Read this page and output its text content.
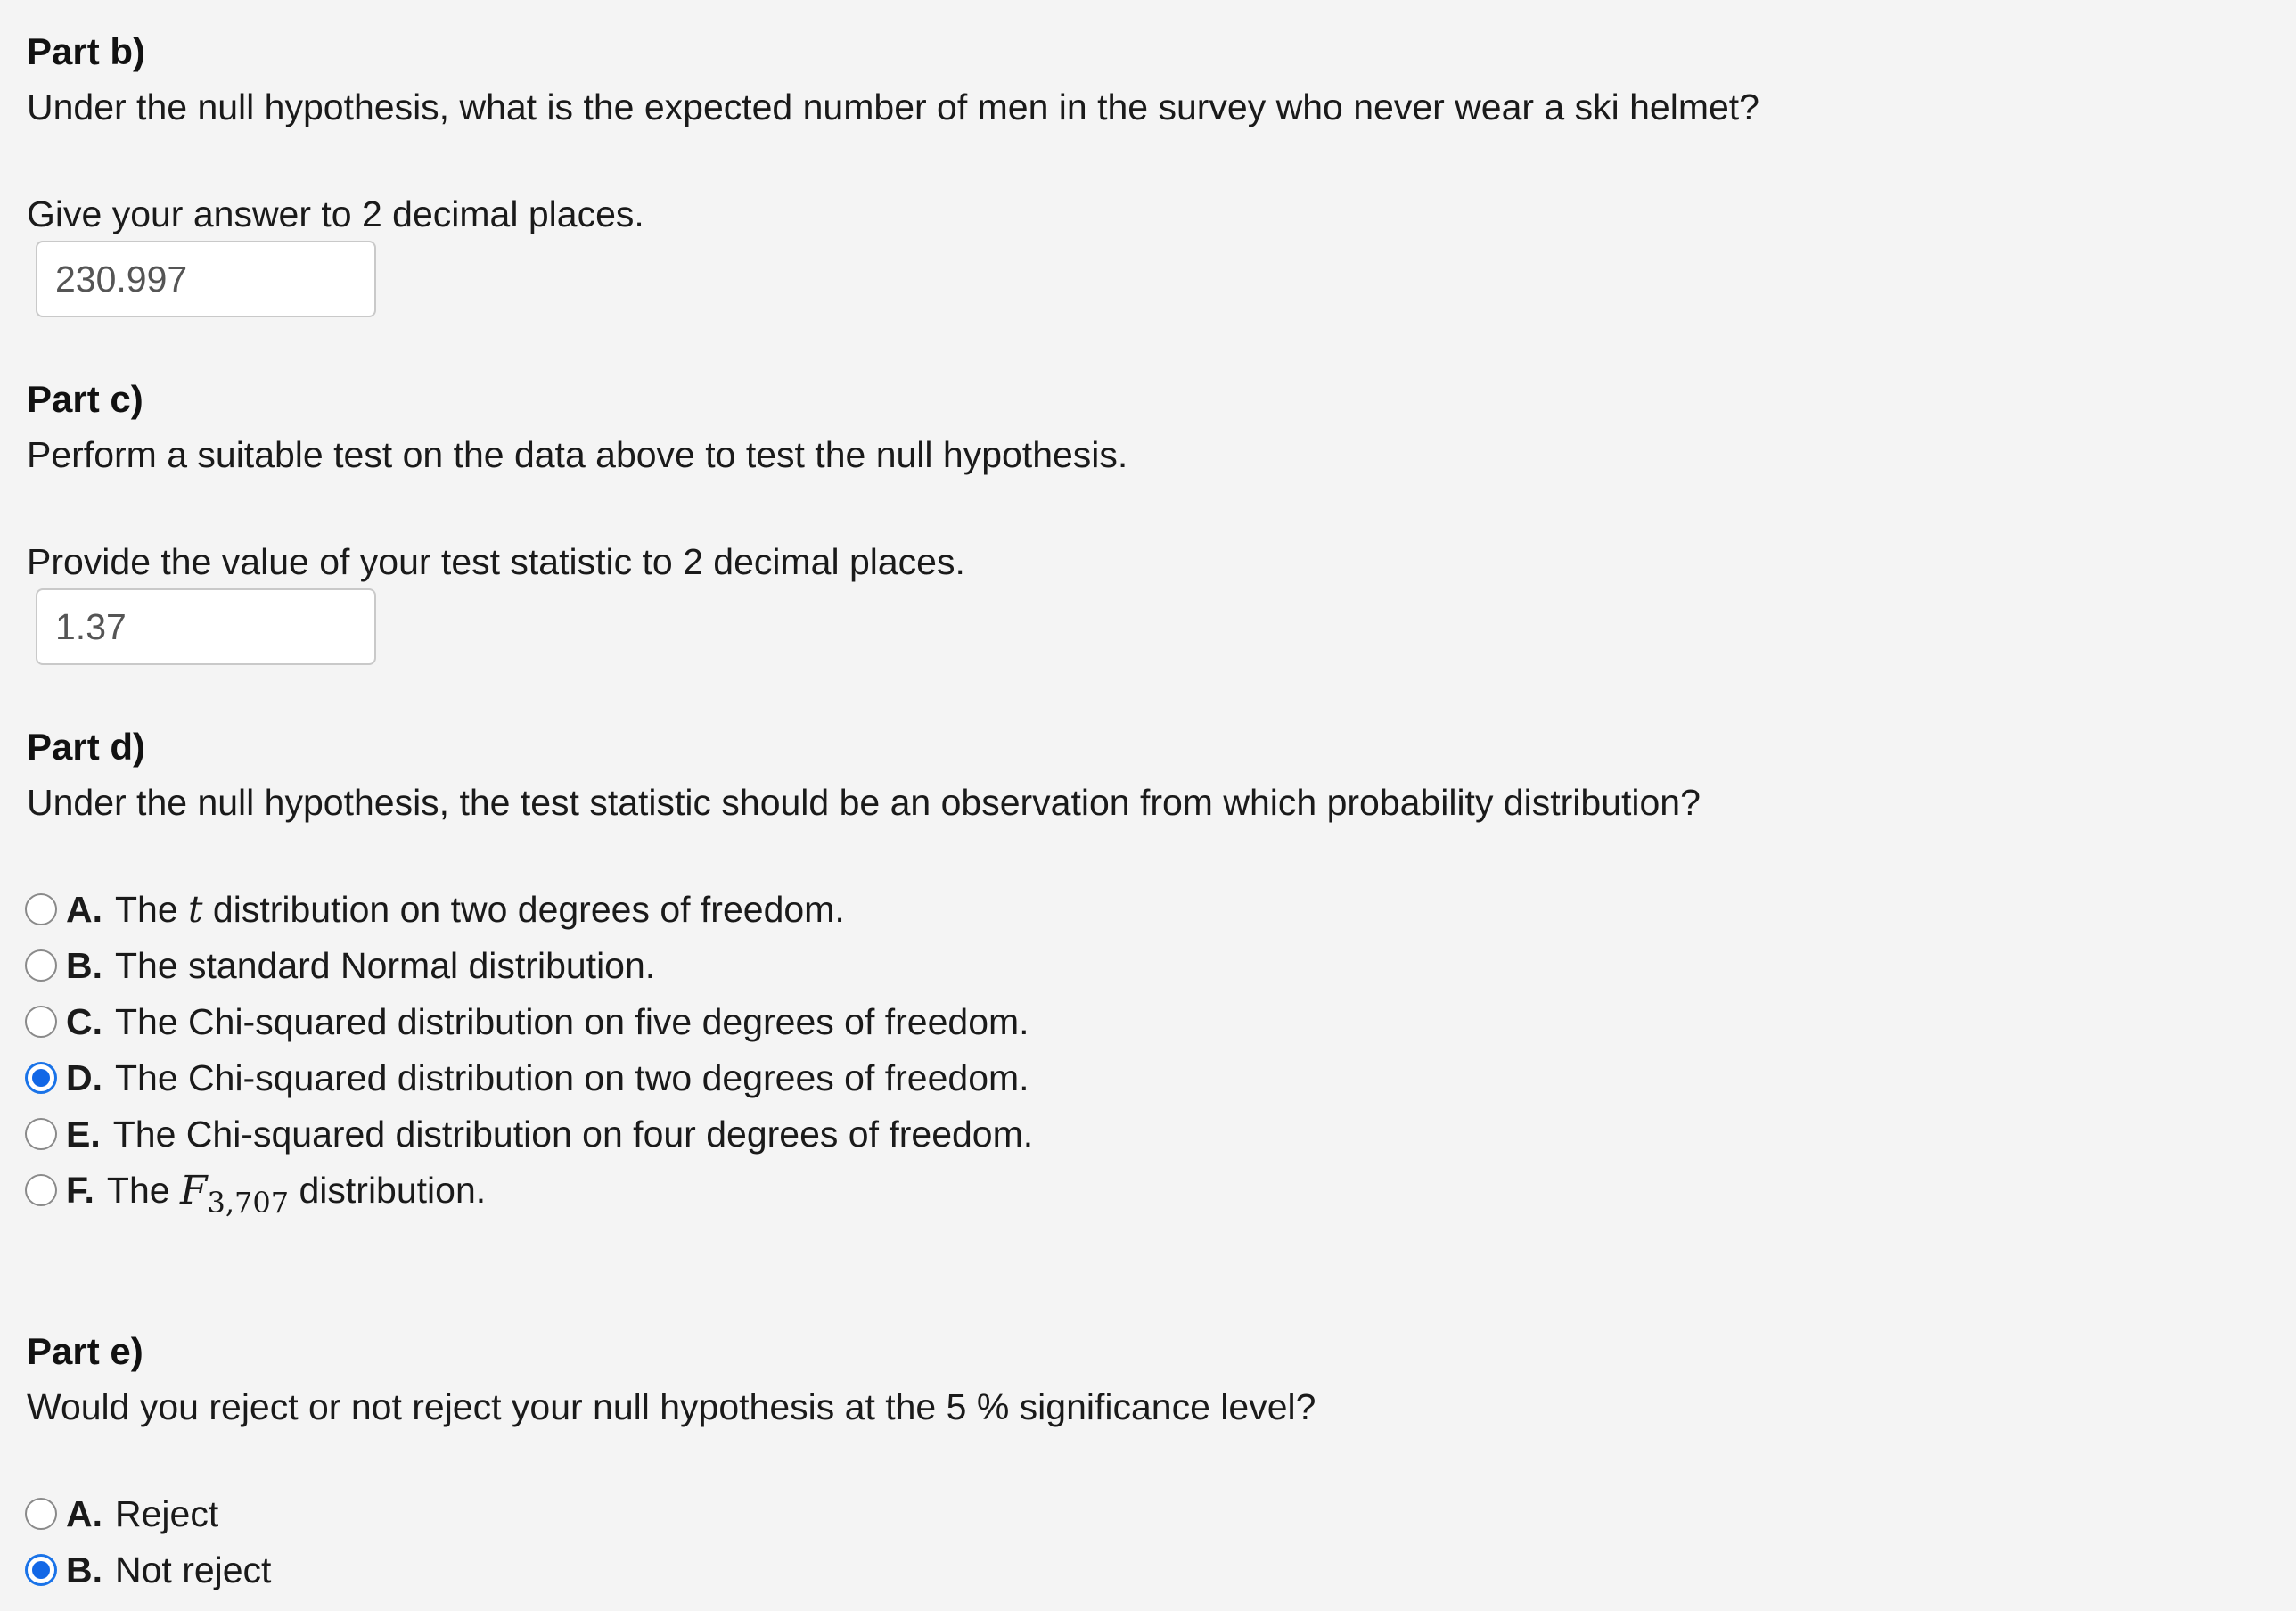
Part b)
Under the null hypothesis, what is the expected number of men in the survey who never wear a ski helmet?
Give your answer to 2 decimal places.
230.997
Part c)
Perform a suitable test on the data above to test the null hypothesis.
Provide the value of your test statistic to 2 decimal places.
1.37
Part d)
Under the null hypothesis, the test statistic should be an observation from which probability distribution?
A. The t distribution on two degrees of freedom.
B. The standard Normal distribution.
C. The Chi-squared distribution on five degrees of freedom.
D. The Chi-squared distribution on two degrees of freedom.
E. The Chi-squared distribution on four degrees of freedom.
F. The $F_{3,707}$ distribution.
Part e)
Would you reject or not reject your null hypothesis at the 5 % significance level?
A. Reject
B. Not reject
